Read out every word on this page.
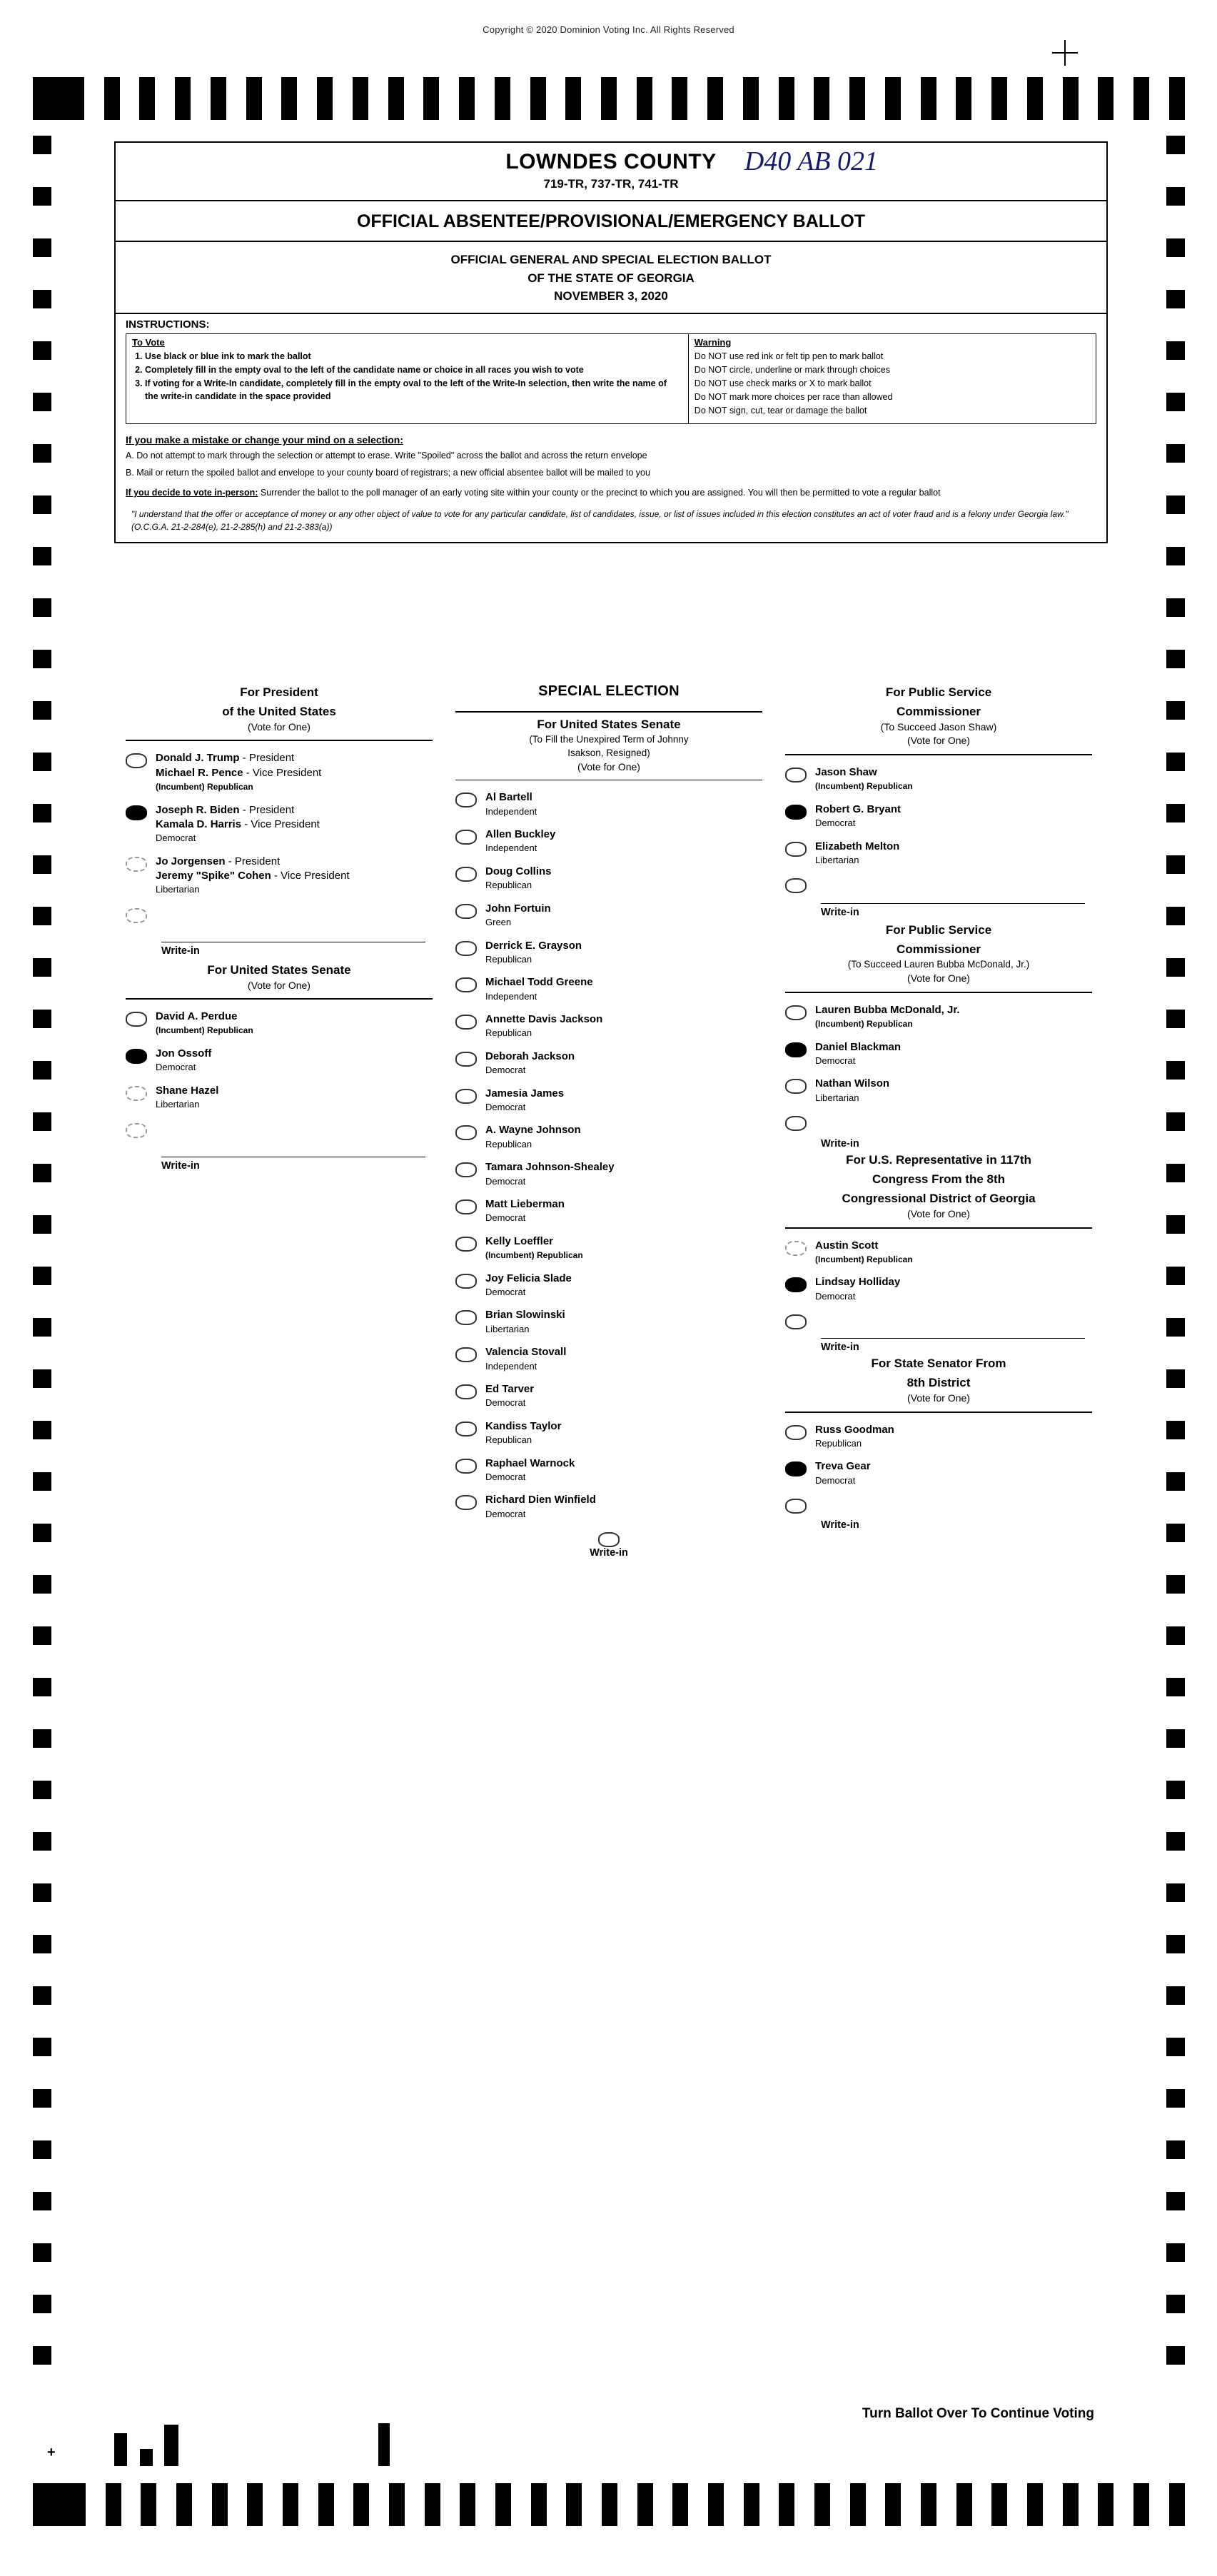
Copyright © 2020 Dominion Voting Inc. All Rights Reserved
LOWNDES COUNTY
719-TR, 737-TR, 741-TR
D40 AB 021
OFFICIAL ABSENTEE/PROVISIONAL/EMERGENCY BALLOT
OFFICIAL GENERAL AND SPECIAL ELECTION BALLOT
OF THE STATE OF GEORGIA
NOVEMBER 3, 2020
INSTRUCTIONS:
To Vote
1. Use black or blue ink to mark the ballot
2. Completely fill in the empty oval to the left of the candidate name or choice in all races you wish to vote
3. If voting for a Write-In candidate, completely fill in the empty oval to the left of the Write-In selection, then write the name of the write-in candidate in the space provided
Warning

Do NOT use red ink or felt tip pen to mark ballot

Do NOT circle, underline or mark through choices

Do NOT use check marks or X to mark ballot

Do NOT mark more choices per race than allowed

Do NOT sign, cut, tear or damage the ballot

If you make a mistake or change your mind on a selection:

A. Do not attempt to mark through the selection or attempt to erase. Write "Spoiled" across the ballot and across the return envelope

B. Mail or return the spoiled ballot and envelope to your county board of registrars; a new official absentee ballot will be mailed to you

If you decide to vote in-person: Surrender the ballot to the poll manager of an early voting site within your county or the precinct to which you are assigned. You will then be permitted to vote a regular ballot
"I understand that the offer or acceptance of money or any other object of value to vote for any particular candidate, list of candidates, issue, or list of issues included in this election constitutes an act of voter fraud and is a felony under Georgia law." (O.C.G.A. 21-2-284(e), 21-2-285(h) and 21-2-383(a))
For President
of the United States
(Vote for One)
Donald J. Trump - President
Michael R. Pence - Vice President
(Incumbent) Republican
Joseph R. Biden - President
Kamala D. Harris - Vice President
Democrat
Jo Jorgensen - President
Jeremy "Spike" Cohen - Vice President
Libertarian
Write-in
For United States Senate
(Vote for One)
David A. Perdue
(Incumbent) Republican
Jon Ossoff
Democrat
Shane Hazel
Libertarian
Write-in
SPECIAL ELECTION
For United States Senate
(To Fill the Unexpired Term of Johnny
Isakson, Resigned)
(Vote for One)
Al Bartell
Independent
Allen Buckley
Independent
Doug Collins
Republican
John Fortuin
Green
Derrick E. Grayson
Republican
Michael Todd Greene
Independent
Annette Davis Jackson
Republican
Deborah Jackson
Democrat
Jamesia James
Democrat
A. Wayne Johnson
Republican
Tamara Johnson-Shealey
Democrat
Matt Lieberman
Democrat
Kelly Loeffler
(Incumbent) Republican
Joy Felicia Slade
Democrat
Brian Slowinski
Libertarian
Valencia Stovall
Independent
Ed Tarver
Democrat
Kandiss Taylor
Republican
Raphael Warnock
Democrat
Richard Dien Winfield
Democrat
Write-in
For Public Service
Commissioner
(To Succeed Jason Shaw)
(Vote for One)
Jason Shaw
(Incumbent) Republican
Robert G. Bryant
Democrat
Elizabeth Melton
Libertarian
Write-in
For Public Service
Commissioner
(To Succeed Lauren Bubba McDonald, Jr.)
(Vote for One)
Lauren Bubba McDonald, Jr.
(Incumbent) Republican
Daniel Blackman
Democrat
Nathan Wilson
Libertarian
Write-in
For U.S. Representative in 117th
Congress From the 8th
Congressional District of Georgia
(Vote for One)
Austin Scott
(Incumbent) Republican
Lindsay Holliday
Democrat
Write-in
For State Senator From
8th District
(Vote for One)
Russ Goodman
Republican
Treva Gear
Democrat
Write-in
+	x
Turn Ballot Over To Continue Voting
